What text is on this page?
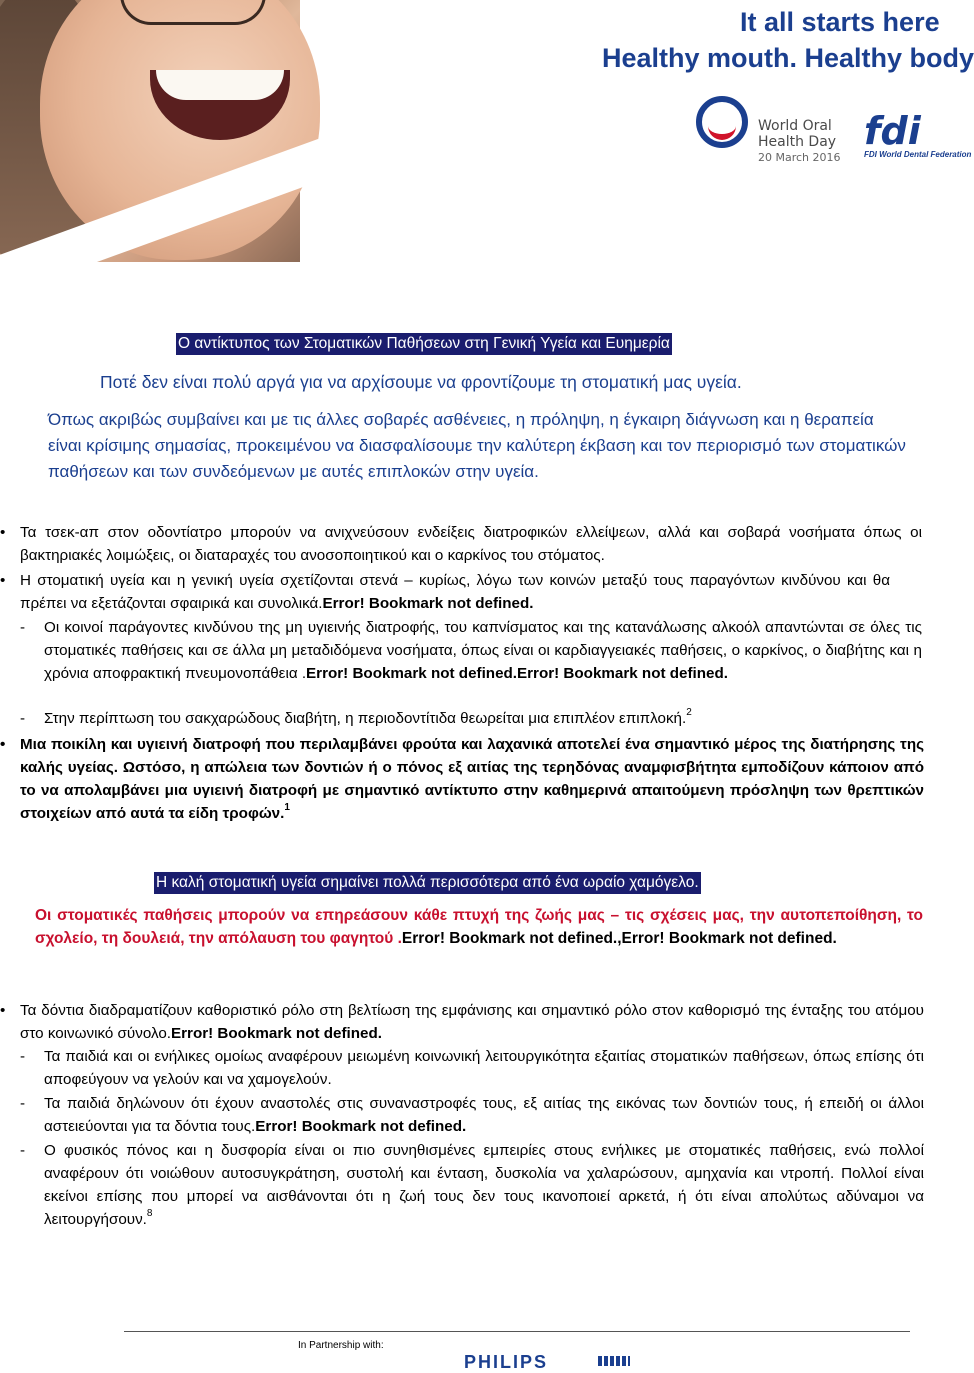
It all starts here
Healthy mouth. Healthy body
World Oral
Health Day
20 March 2016
fdi
FDI World Dental Federation
Ο αντίκτυπος των Στοματικών Παθήσεων στη Γενική Υγεία και Ευημερία
Ποτέ δεν είναι πολύ αργά για να αρχίσουμε να φροντίζουμε τη στοματική μας υγεία.
Όπως ακριβώς συμβαίνει και με τις άλλες σοβαρές ασθένειες, η πρόληψη, η έγκαιρη διάγνωση και η θεραπεία είναι κρίσιμης σημασίας, προκειμένου να διασφαλίσουμε την καλύτερη έκβαση και τον περιορισμό των στοματικών παθήσεων και των συνδεόμενων με αυτές επιπλοκών στην υγεία.
• Τα τσεκ-απ στον οδοντίατρο μπορούν να ανιχνεύσουν ενδείξεις διατροφικών ελλείψεων, αλλά και σοβαρά νοσήματα όπως οι βακτηριακές λοιμώξεις, οι διαταραχές του ανοσοποιητικού και ο καρκίνος του στόματος.
• Η στοματική υγεία και η γενική υγεία σχετίζονται στενά – κυρίως, λόγω των κοινών μεταξύ τους παραγόντων κινδύνου και θα πρέπει να εξετάζονται σφαιρικά και συνολικά.Error! Bookmark not defined.
‐ Οι κοινοί παράγοντες κινδύνου της μη υγιεινής διατροφής, του καπνίσματος και της κατανάλωσης αλκοόλ απαντώνται σε όλες τις στοματικές παθήσεις και σε άλλα μη μεταδιδόμενα νοσήματα, όπως είναι οι καρδιαγγειακές παθήσεις, ο καρκίνος, ο διαβήτης και η χρόνια αποφρακτική πνευμονοπάθεια .Error! Bookmark not defined.Error! Bookmark not defined.
‐ Στην περίπτωση του σακχαρώδους διαβήτη, η περιοδοντίτιδα θεωρείται μια επιπλέον επιπλοκή.$^2$
• Μια ποικίλη και υγιεινή διατροφή που περιλαμβάνει φρούτα και λαχανικά αποτελεί ένα σημαντικό μέρος της διατήρησης της καλής υγείας. Ωστόσο, η απώλεια των δοντιών ή ο πόνος εξ αιτίας της τερηδόνας αναμφισβήτητα εμποδίζουν κάποιον από το να απολαμβάνει μια υγιεινή διατροφή με σημαντικό αντίκτυπο στην καθημερινά απαιτούμενη πρόσληψη των θρεπτικών στοιχείων από αυτά τα είδη τροφών.$^1$
Η καλή στοματική υγεία σημαίνει πολλά περισσότερα από ένα ωραίο χαμόγελο.
Οι στοματικές παθήσεις μπορούν να επηρεάσουν κάθε πτυχή της ζωής μας – τις σχέσεις μας, την αυτοπεποίθηση, το σχολείο, τη δουλειά, την απόλαυση του φαγητού .Error! Bookmark not defined.,Error! Bookmark not defined.
• Τα δόντια διαδραματίζουν καθοριστικό ρόλο στη βελτίωση της εμφάνισης και σημαντικό ρόλο στον καθορισμό της ένταξης του ατόμου στο κοινωνικό σύνολο.Error! Bookmark not defined.
‐ Τα παιδιά και οι ενήλικες ομοίως αναφέρουν μειωμένη κοινωνική λειτουργικότητα εξαιτίας στοματικών παθήσεων, όπως επίσης ότι αποφεύγουν να γελούν και να χαμογελούν.
‐ Τα παιδιά δηλώνουν ότι έχουν αναστολές στις συναναστροφές τους, εξ αιτίας της εικόνας των δοντιών τους, ή επειδή οι άλλοι αστειεύονται για τα δόντια τους.Error! Bookmark not defined.
‐ Ο φυσικός πόνος και η δυσφορία είναι οι πιο συνηθισμένες εμπειρίες στους ενήλικες με στοματικές παθήσεις, ενώ πολλοί αναφέρουν ότι νοιώθουν αυτοσυγκράτηση, συστολή και ένταση, δυσκολία να χαλαρώσουν, αμηχανία και ντροπή. Πολλοί είναι εκείνοι επίσης που μπορεί να αισθάνονται ότι η ζωή τους δεν τους ικανοποιεί αρκετά, ή ότι είναι απολύτως αδύναμοι να λειτουργήσουν.$^8$
In Partnership with:
PHILIPS
